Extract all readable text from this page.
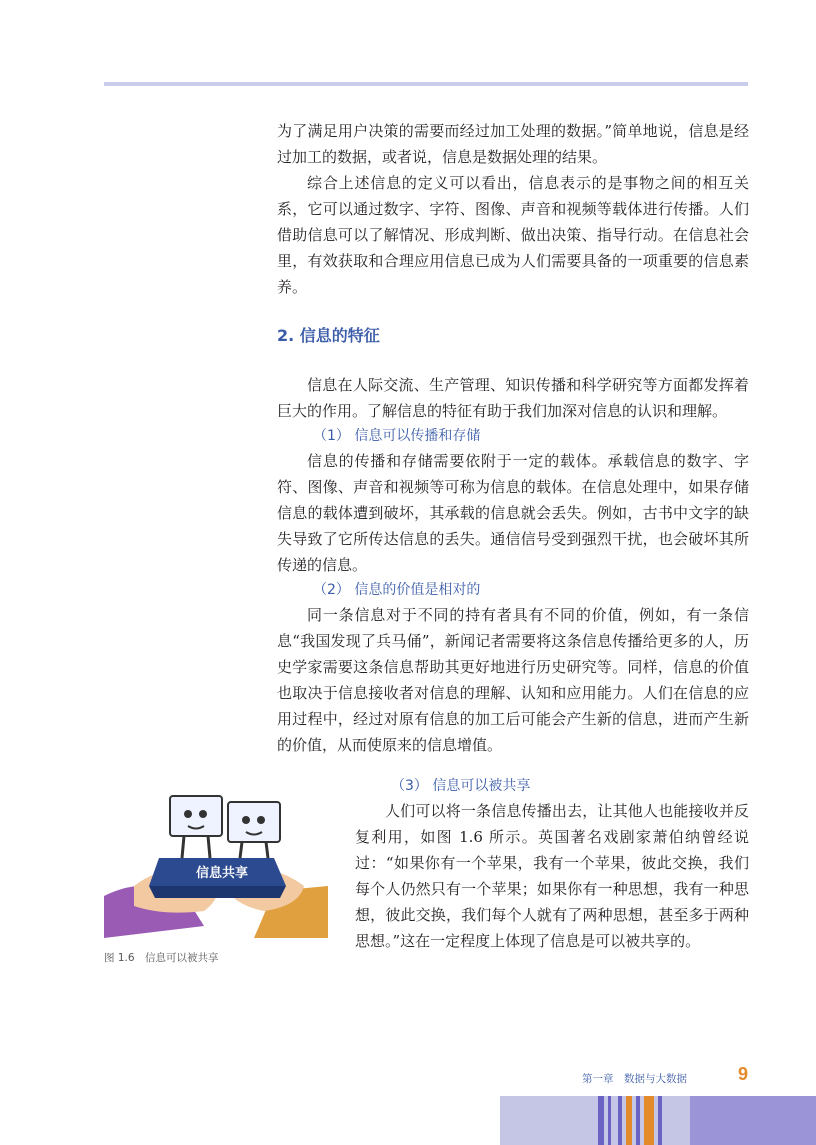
为了满足用户决策的需要而经过加工处理的数据。”简单地说，信息是经过加工的数据，或者说，信息是数据处理的结果。

综合上述信息的定义可以看出，信息表示的是事物之间的相互关系，它可以通过数字、字符、图像、声音和视频等载体进行传播。人们借助信息可以了解情况、形成判断、做出决策、指导行动。在信息社会里，有效获取和合理应用信息已成为人们需要具备的一项重要的信息素养。

2. 信息的特征

信息在人际交流、生产管理、知识传播和科学研究等方面都发挥着巨大的作用。了解信息的特征有助于我们加深对信息的认识和理解。

（1） 信息可以传播和存储

信息的传播和存储需要依附于一定的载体。承载信息的数字、字符、图像、声音和视频等可称为信息的载体。在信息处理中，如果存储信息的载体遭到破坏，其承载的信息就会丢失。例如，古书中文字的缺失导致了它所传达信息的丢失。通信信号受到强烈干扰，也会破坏其所传递的信息。

（2） 信息的价值是相对的

同一条信息对于不同的持有者具有不同的价值，例如，有一条信息“我国发现了兵马俑”，新闻记者需要将这条信息传播给更多的人，历史学家需要这条信息帮助其更好地进行历史研究等。同样，信息的价值也取决于信息接收者对信息的理解、认知和应用能力。人们在信息的应用过程中，经过对原有信息的加工后可能会产生新的信息，进而产生新的价值，从而使原来的信息增值。

（3） 信息可以被共享

人们可以将一条信息传播出去，让其他人也能接收并反复利用，如图 1.6 所示。英国著名戏剧家萧伯纳曾经说过：“如果你有一个苹果，我有一个苹果，彼此交换，我们每个人仍然只有一个苹果；如果你有一种思想，我有一种思想，彼此交换，我们每个人就有了两种思想，甚至多于两种思想。”这在一定程度上体现了信息是可以被共享的。

信息共享
图 1.6　信息可以被共享
第一章　数据与大数据	9
